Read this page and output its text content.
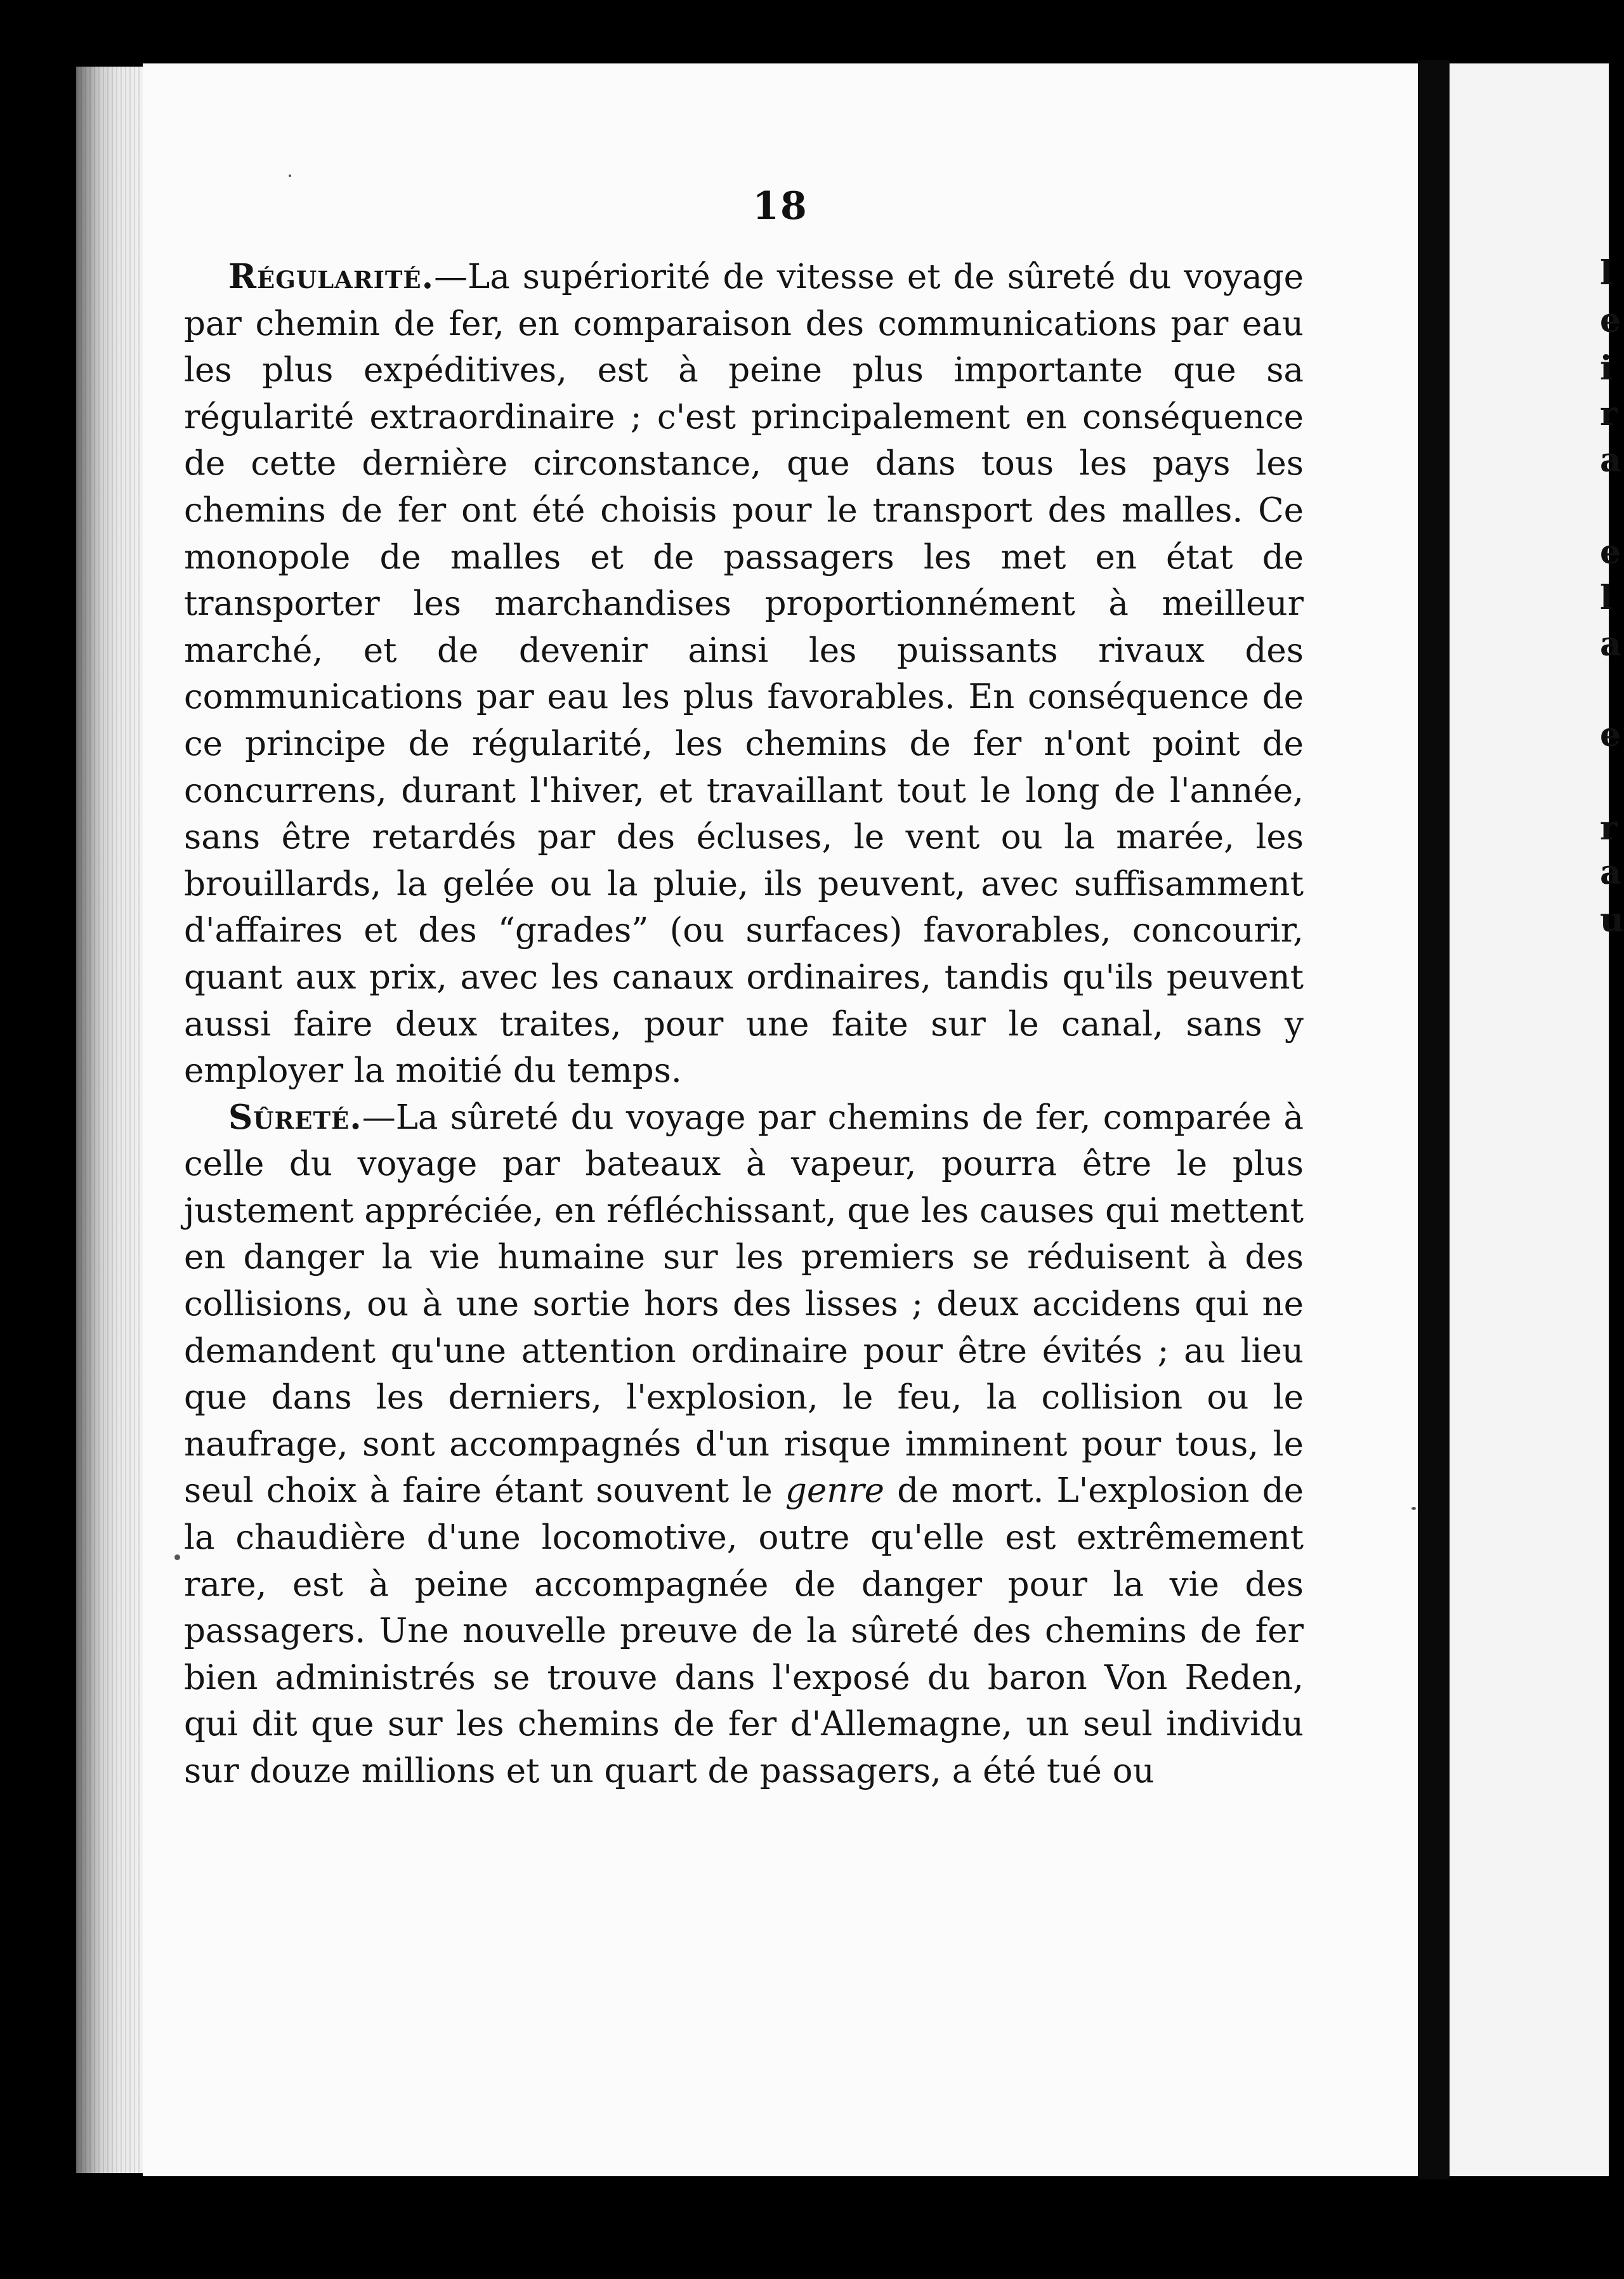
18
l
e
i
r
a
e
l
a
e
r
a
u

Régularité.—La supériorité de vitesse et de sûreté du voyage par chemin de fer, en comparaison des communications par eau les plus expéditives, est à peine plus importante que sa régularité extraordinaire ; c'est principalement en conséquence de cette dernière circonstance, que dans tous les pays les chemins de fer ont été choisis pour le transport des malles. Ce monopole de malles et de passagers les met en état de transporter les marchandises proportionnément à meilleur marché, et de devenir ainsi les puissants rivaux des communications par eau les plus favorables. En conséquence de ce principe de régularité, les chemins de fer n'ont point de concurrens, durant l'hiver, et travaillant tout le long de l'année, sans être retardés par des écluses, le vent ou la marée, les brouillards, la gelée ou la pluie, ils peuvent, avec suffisamment d'affaires et des “grades” (ou surfaces) favorables, concourir, quant aux prix, avec les canaux ordinaires, tandis qu'ils peuvent aussi faire deux traites, pour une faite sur le canal, sans y employer la moitié du temps.

Sûreté.—La sûreté du voyage par chemins de fer, comparée à celle du voyage par bateaux à vapeur, pourra être le plus justement appréciée, en réfléchissant, que les causes qui mettent en danger la vie humaine sur les premiers se réduisent à des collisions, ou à une sortie hors des lisses ; deux accidens qui ne demandent qu'une attention ordinaire pour être évités ; au lieu que dans les derniers, l'explosion, le feu, la collision ou le naufrage, sont accompagnés d'un risque imminent pour tous, le seul choix à faire étant souvent le genre de mort. L'explosion de la chaudière d'une locomotive, outre qu'elle est extrêmement rare, est à peine accompagnée de danger pour la vie des passagers. Une nouvelle preuve de la sûreté des chemins de fer bien administrés se trouve dans l'exposé du baron Von Reden, qui dit que sur les chemins de fer d'Allemagne, un seul individu sur douze millions et un quart de passagers, a été tué ou
